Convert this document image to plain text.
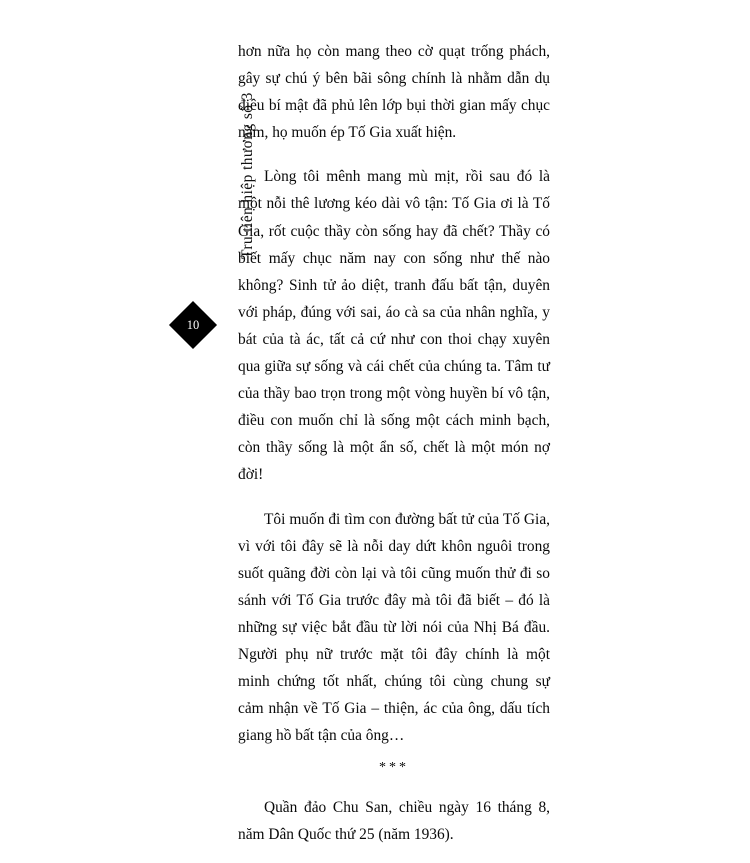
Tru tiên hiệp thương số 3
10

hơn nữa họ còn mang theo cờ quạt trống phách, gây sự chú ý bên bãi sông chính là nhằm dẫn dụ điêu bí mật đã phủ lên lớp bụi thời gian mấy chục năm, họ muốn ép Tố Gia xuất hiện.

Lòng tôi mênh mang mù mịt, rồi sau đó là một nỗi thê lương kéo dài vô tận: Tố Gia ơi là Tố Gia, rốt cuộc thầy còn sống hay đã chết? Thầy có biết mấy chục năm nay con sống như thế nào không? Sinh tử ảo diệt, tranh đấu bất tận, duyên với pháp, đúng với sai, áo cà sa của nhân nghĩa, y bát của tà ác, tất cả cứ như con thoi chạy xuyên qua giữa sự sống và cái chết của chúng ta. Tâm tư của thầy bao trọn trong một vòng huyền bí vô tận, điều con muốn chỉ là sống một cách minh bạch, còn thầy sống là một ẩn số, chết là một món nợ đời!

Tôi muốn đi tìm con đường bất tử của Tố Gia, vì với tôi đây sẽ là nỗi day dứt khôn nguôi trong suốt quãng đời còn lại và tôi cũng muốn thử đi so sánh với Tố Gia trước đây mà tôi đã biết – đó là những sự việc bắt đầu từ lời nói của Nhị Bá đầu. Người phụ nữ trước mặt tôi đây chính là một minh chứng tốt nhất, chúng tôi cùng chung sự cảm nhận về Tố Gia – thiện, ác của ông, dấu tích giang hồ bất tận của ông…

***

Quần đảo Chu San, chiều ngày 16 tháng 8, năm Dân Quốc thứ 25 (năm 1936).
